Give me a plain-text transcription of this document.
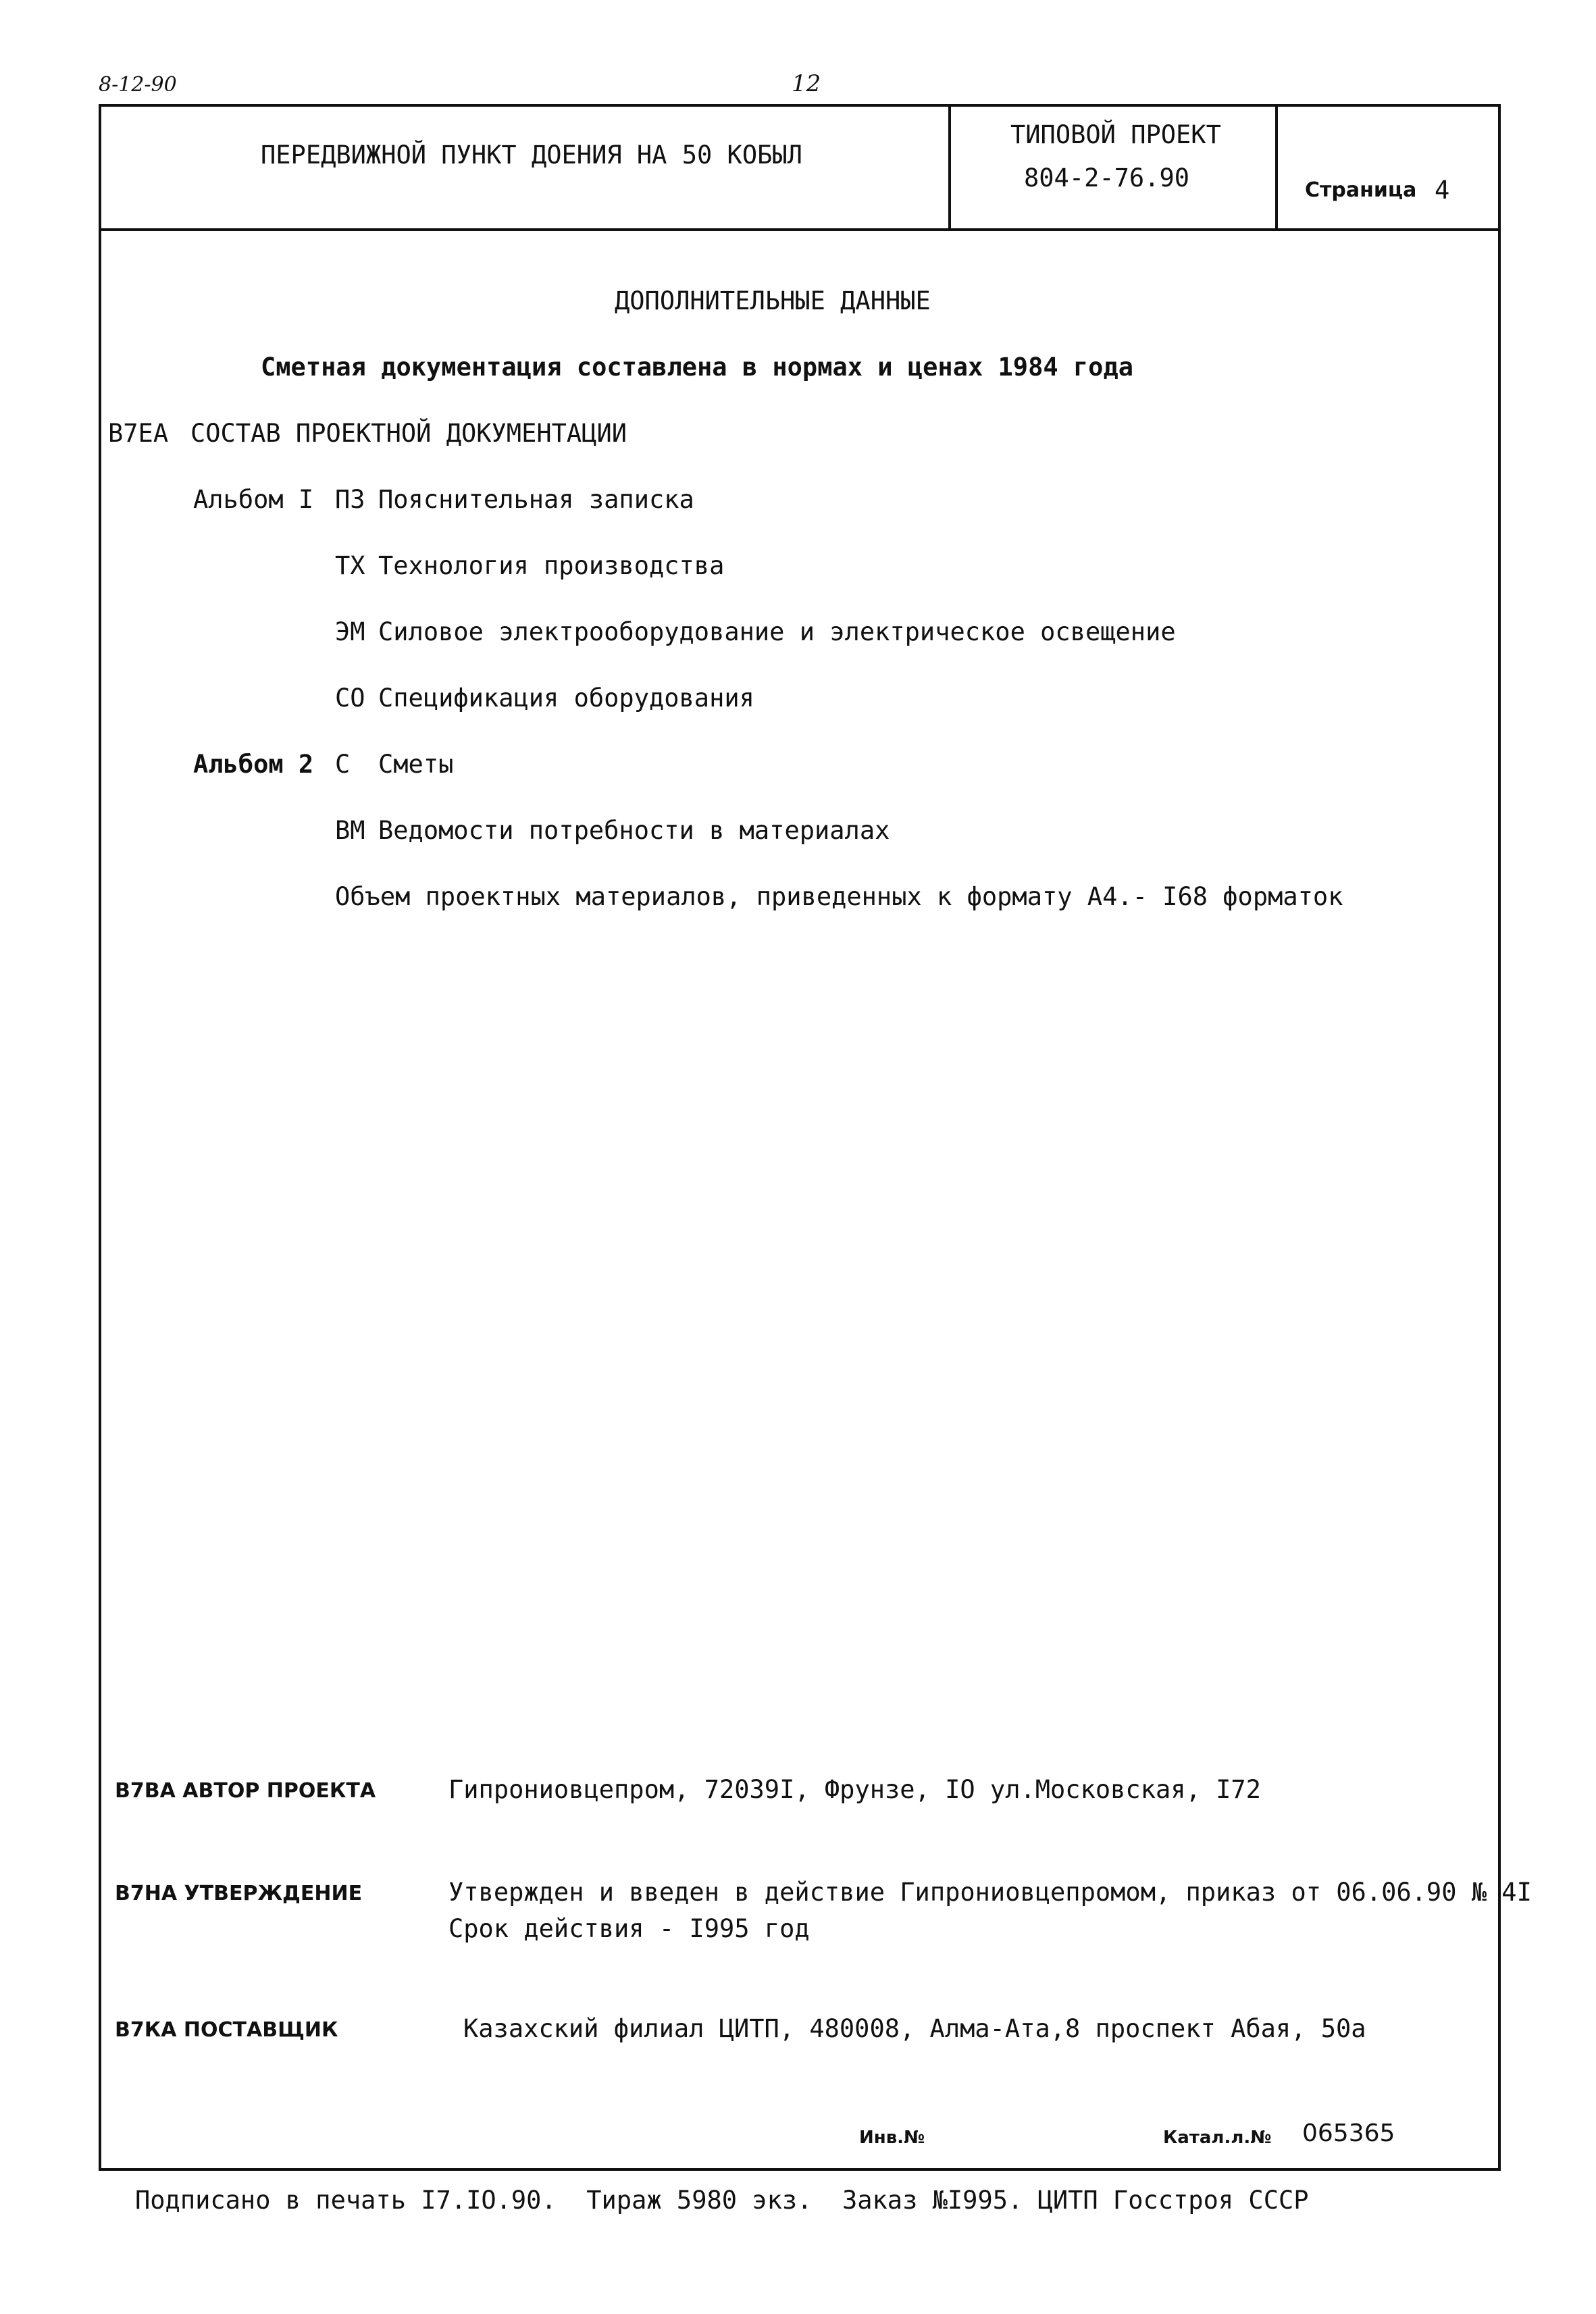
8-12-90	12
ПЕРЕДВИЖНОЙ ПУНКТ ДОЕНИЯ НА 50 КОБЫЛ
ТИПОВОЙ ПРОЕКТ
804-2-76.90	Страница 4
ДОПОЛНИТЕЛЬНЫЕ ДАННЫЕ
Сметная документация составлена в нормах и ценах 1984 года
В7ЕА СОСТАВ ПРОЕКТНОЙ ДОКУМЕНТАЦИИ
Альбом I ПЗ Пояснительная записка
ТХ Технология производства
ЭМ Силовое электрооборудование и электрическое освещение
СО Спецификация оборудования
Альбом 2 С Сметы
ВМ Ведомости потребности в материалах
Объем проектных материалов, приведенных к формату А4.- I68 форматок
В7ВА АВТОР ПРОЕКТА	Гипрониовцепром, 72039I, Фрунзе, IO ул.Московская, I72
В7НА УТВЕРЖДЕНИЕ	Утвержден и введен в действие Гипрониовцепромом, приказ от 06.06.90 № 4I
Срок действия - I995 год
В7КА ПОСТАВЩИК	Казахский филиал ЦИТП, 480008, Алма-Ата,8 проспект Абая, 50а
Инв.№	Катал.л.№ 065365
Подписано в печать I7.IO.90.  Тираж 5980 экз.  Заказ №I995. ЦИТП Госстроя СССР
